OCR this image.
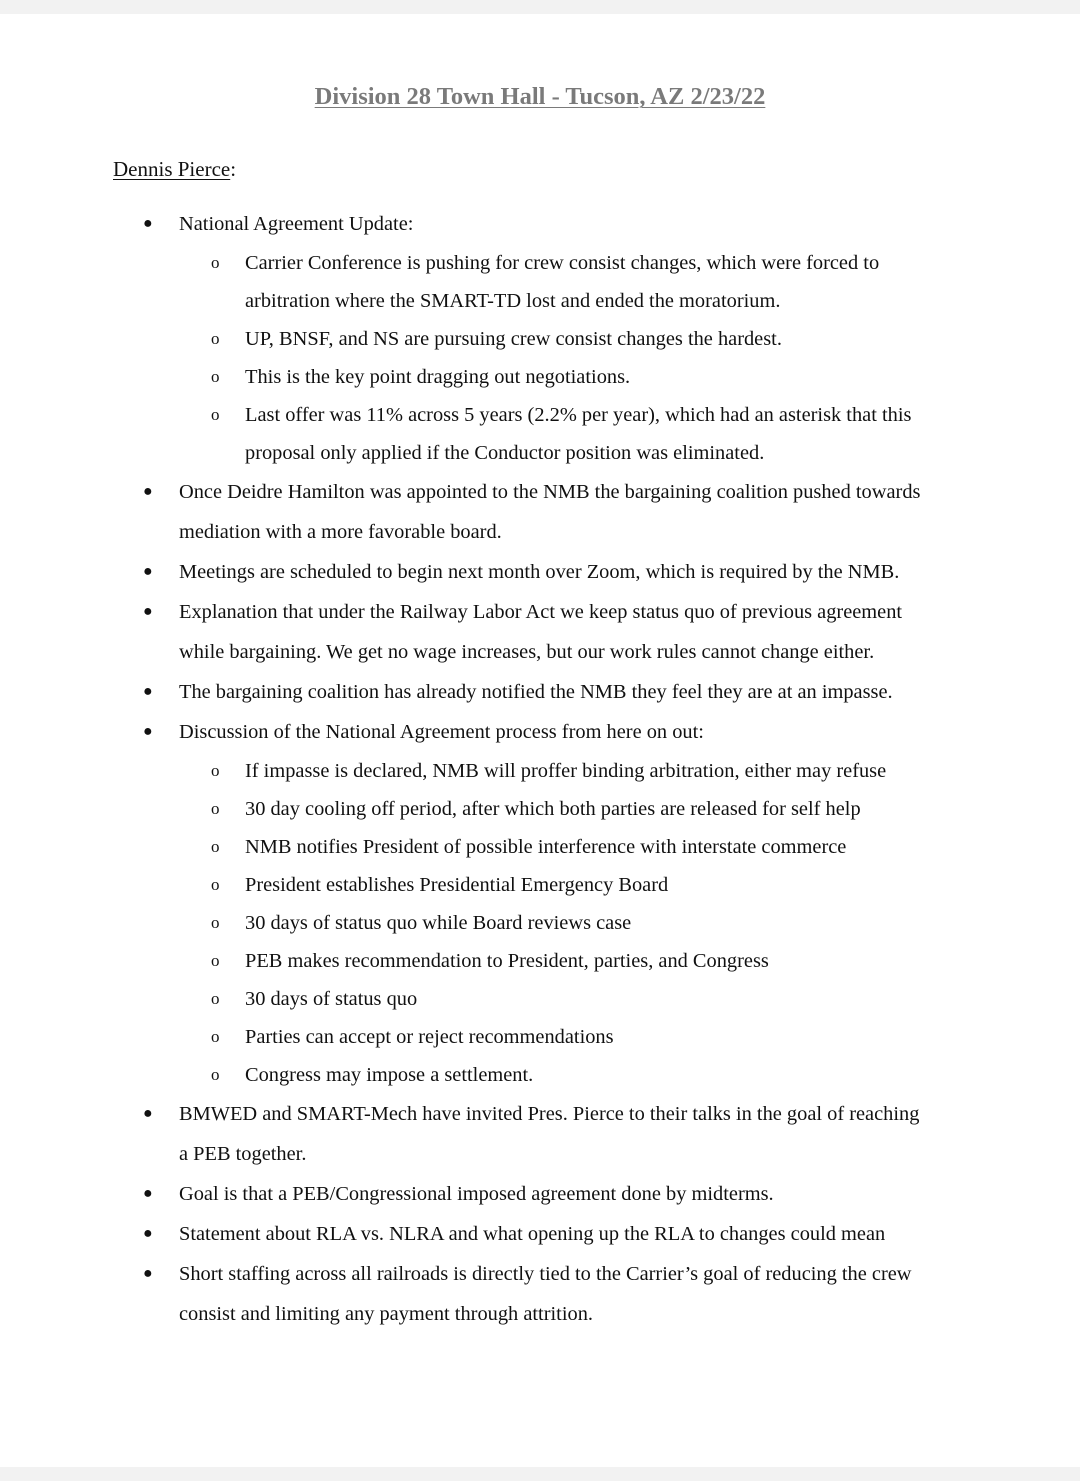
Division 28 Town Hall - Tucson, AZ 2/23/22
Dennis Pierce:
● National Agreement Update:
o Carrier Conference is pushing for crew consist changes, which were forced to
arbitration where the SMART-TD lost and ended the moratorium.
o UP, BNSF, and NS are pursuing crew consist changes the hardest.
o This is the key point dragging out negotiations.
o Last offer was 11% across 5 years (2.2% per year), which had an asterisk that this
proposal only applied if the Conductor position was eliminated.
● Once Deidre Hamilton was appointed to the NMB the bargaining coalition pushed towards
mediation with a more favorable board.
● Meetings are scheduled to begin next month over Zoom, which is required by the NMB.
● Explanation that under the Railway Labor Act we keep status quo of previous agreement
while bargaining. We get no wage increases, but our work rules cannot change either.
● The bargaining coalition has already notified the NMB they feel they are at an impasse.
● Discussion of the National Agreement process from here on out:
o If impasse is declared, NMB will proffer binding arbitration, either may refuse
o 30 day cooling off period, after which both parties are released for self help
o NMB notifies President of possible interference with interstate commerce
o President establishes Presidential Emergency Board
o 30 days of status quo while Board reviews case
o PEB makes recommendation to President, parties, and Congress
o 30 days of status quo
o Parties can accept or reject recommendations
o Congress may impose a settlement.
● BMWED and SMART-Mech have invited Pres. Pierce to their talks in the goal of reaching
a PEB together.
● Goal is that a PEB/Congressional imposed agreement done by midterms.
● Statement about RLA vs. NLRA and what opening up the RLA to changes could mean
● Short staffing across all railroads is directly tied to the Carrier’s goal of reducing the crew
consist and limiting any payment through attrition.
